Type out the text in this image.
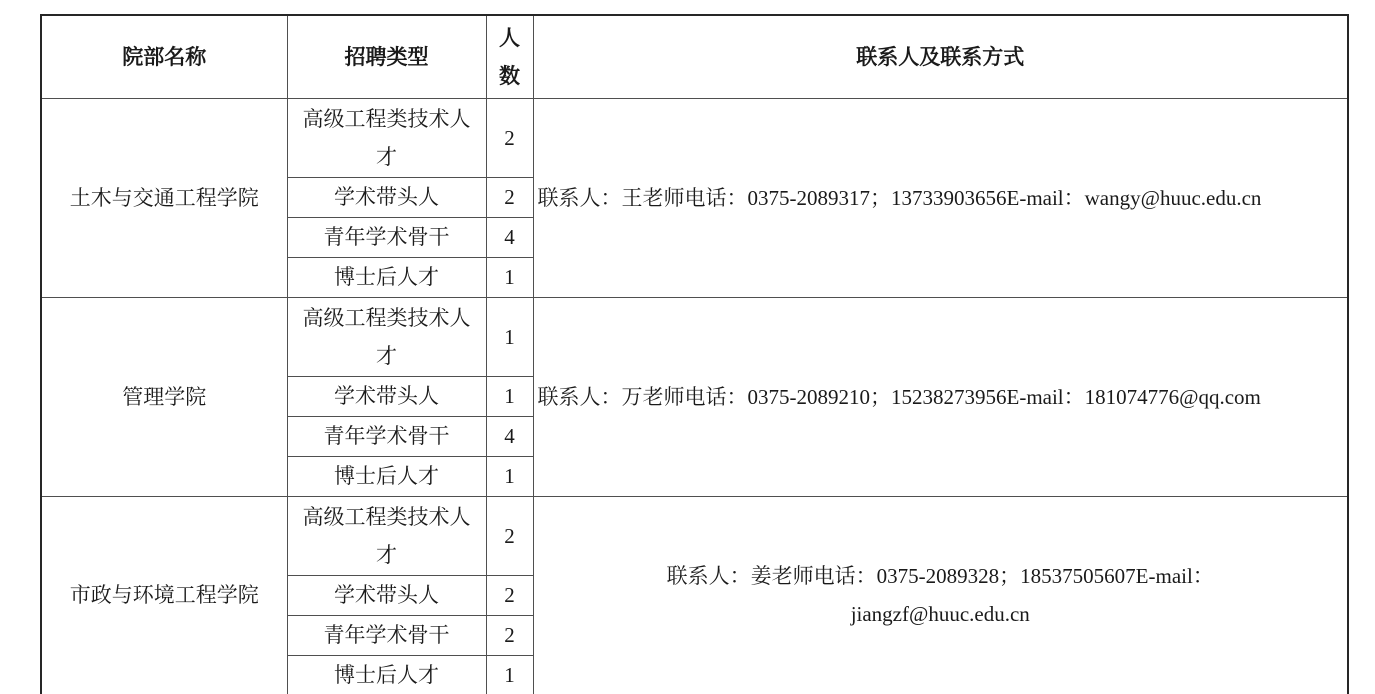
院部名称	招聘类型	人数	联系人及联系方式
土木与交通工程学院	高级工程类技术人才	2	联系人：王老师电话：0375-2089317；13733903656E-mail：wangy@huuc.edu.cn

	学术带头人	2	
	青年学术骨干	4	
	博士后人才	1	
管理学院	高级工程类技术人才	1	联系人：万老师电话：0375-2089210；15238273956E-mail：181074776@qq.com

	学术带头人	1	
	青年学术骨干	4	
	博士后人才	1	
市政与环境工程学院	高级工程类技术人才	2	联系人：姜老师电话：0375-2089328；18537505607E-mail：
jiangzf@huuc.edu.cn

	学术带头人	2	
	青年学术骨干	2	
	博士后人才	1	
